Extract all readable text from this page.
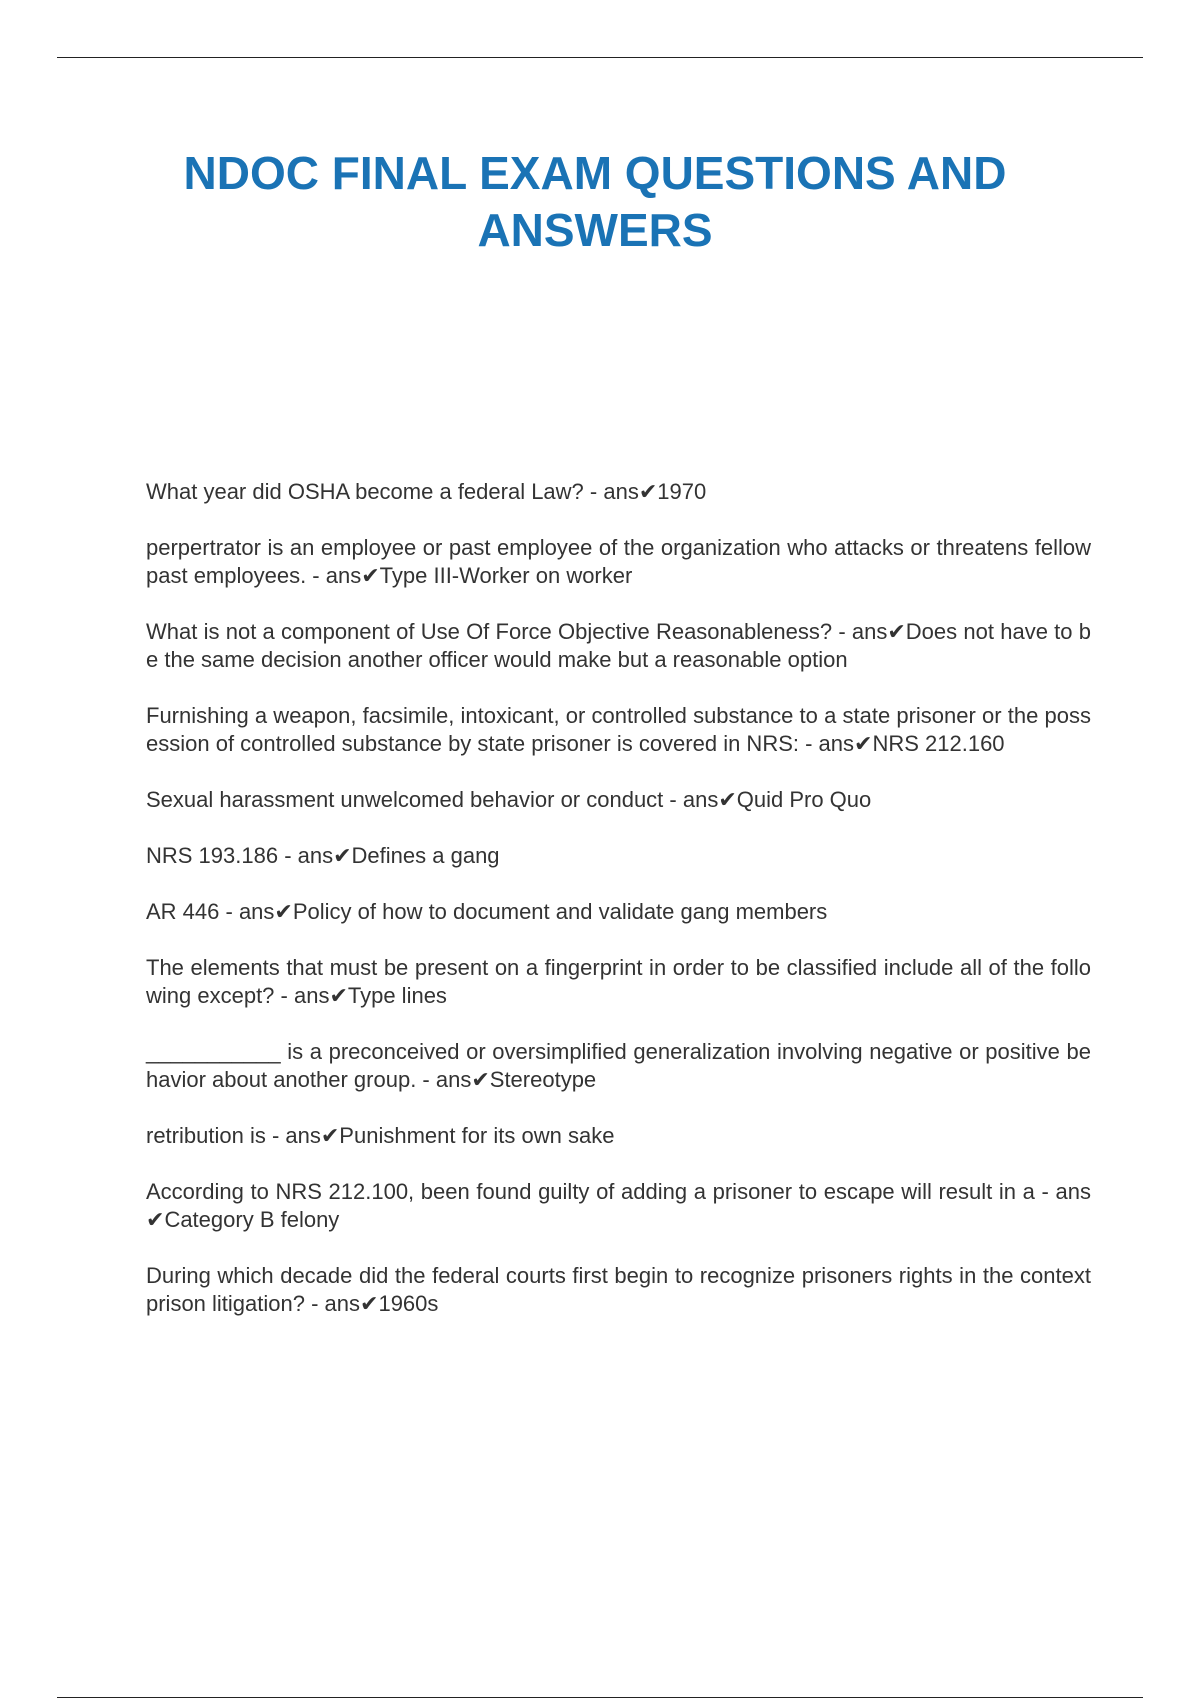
NDOC FINAL EXAM QUESTIONS AND ANSWERS
What year did OSHA become a federal Law? - ans✔1970
perpertrator is an employee or past employee of the organization who attacks or threatens fellow past employees. - ans✔Type III-Worker on worker
What is not a component of Use Of Force Objective Reasonableness? - ans✔Does not have to be the same decision another officer would make but a reasonable option
Furnishing a weapon, facsimile, intoxicant, or controlled substance to a state prisoner or the possession of controlled substance by state prisoner is covered in NRS: - ans✔NRS 212.160
Sexual harassment unwelcomed behavior or conduct - ans✔Quid Pro Quo
NRS 193.186 - ans✔Defines a gang
AR 446 - ans✔Policy of how to document and validate gang members
The elements that must be present on a fingerprint in order to be classified include all of the following except? - ans✔Type lines
___________ is a preconceived or oversimplified generalization involving negative or positive behavior about another group. - ans✔Stereotype
retribution is - ans✔Punishment for its own sake
According to NRS 212.100, been found guilty of adding a prisoner to escape will result in a - ans✔Category B felony
During which decade did the federal courts first begin to recognize prisoners rights in the context prison litigation? - ans✔1960s
